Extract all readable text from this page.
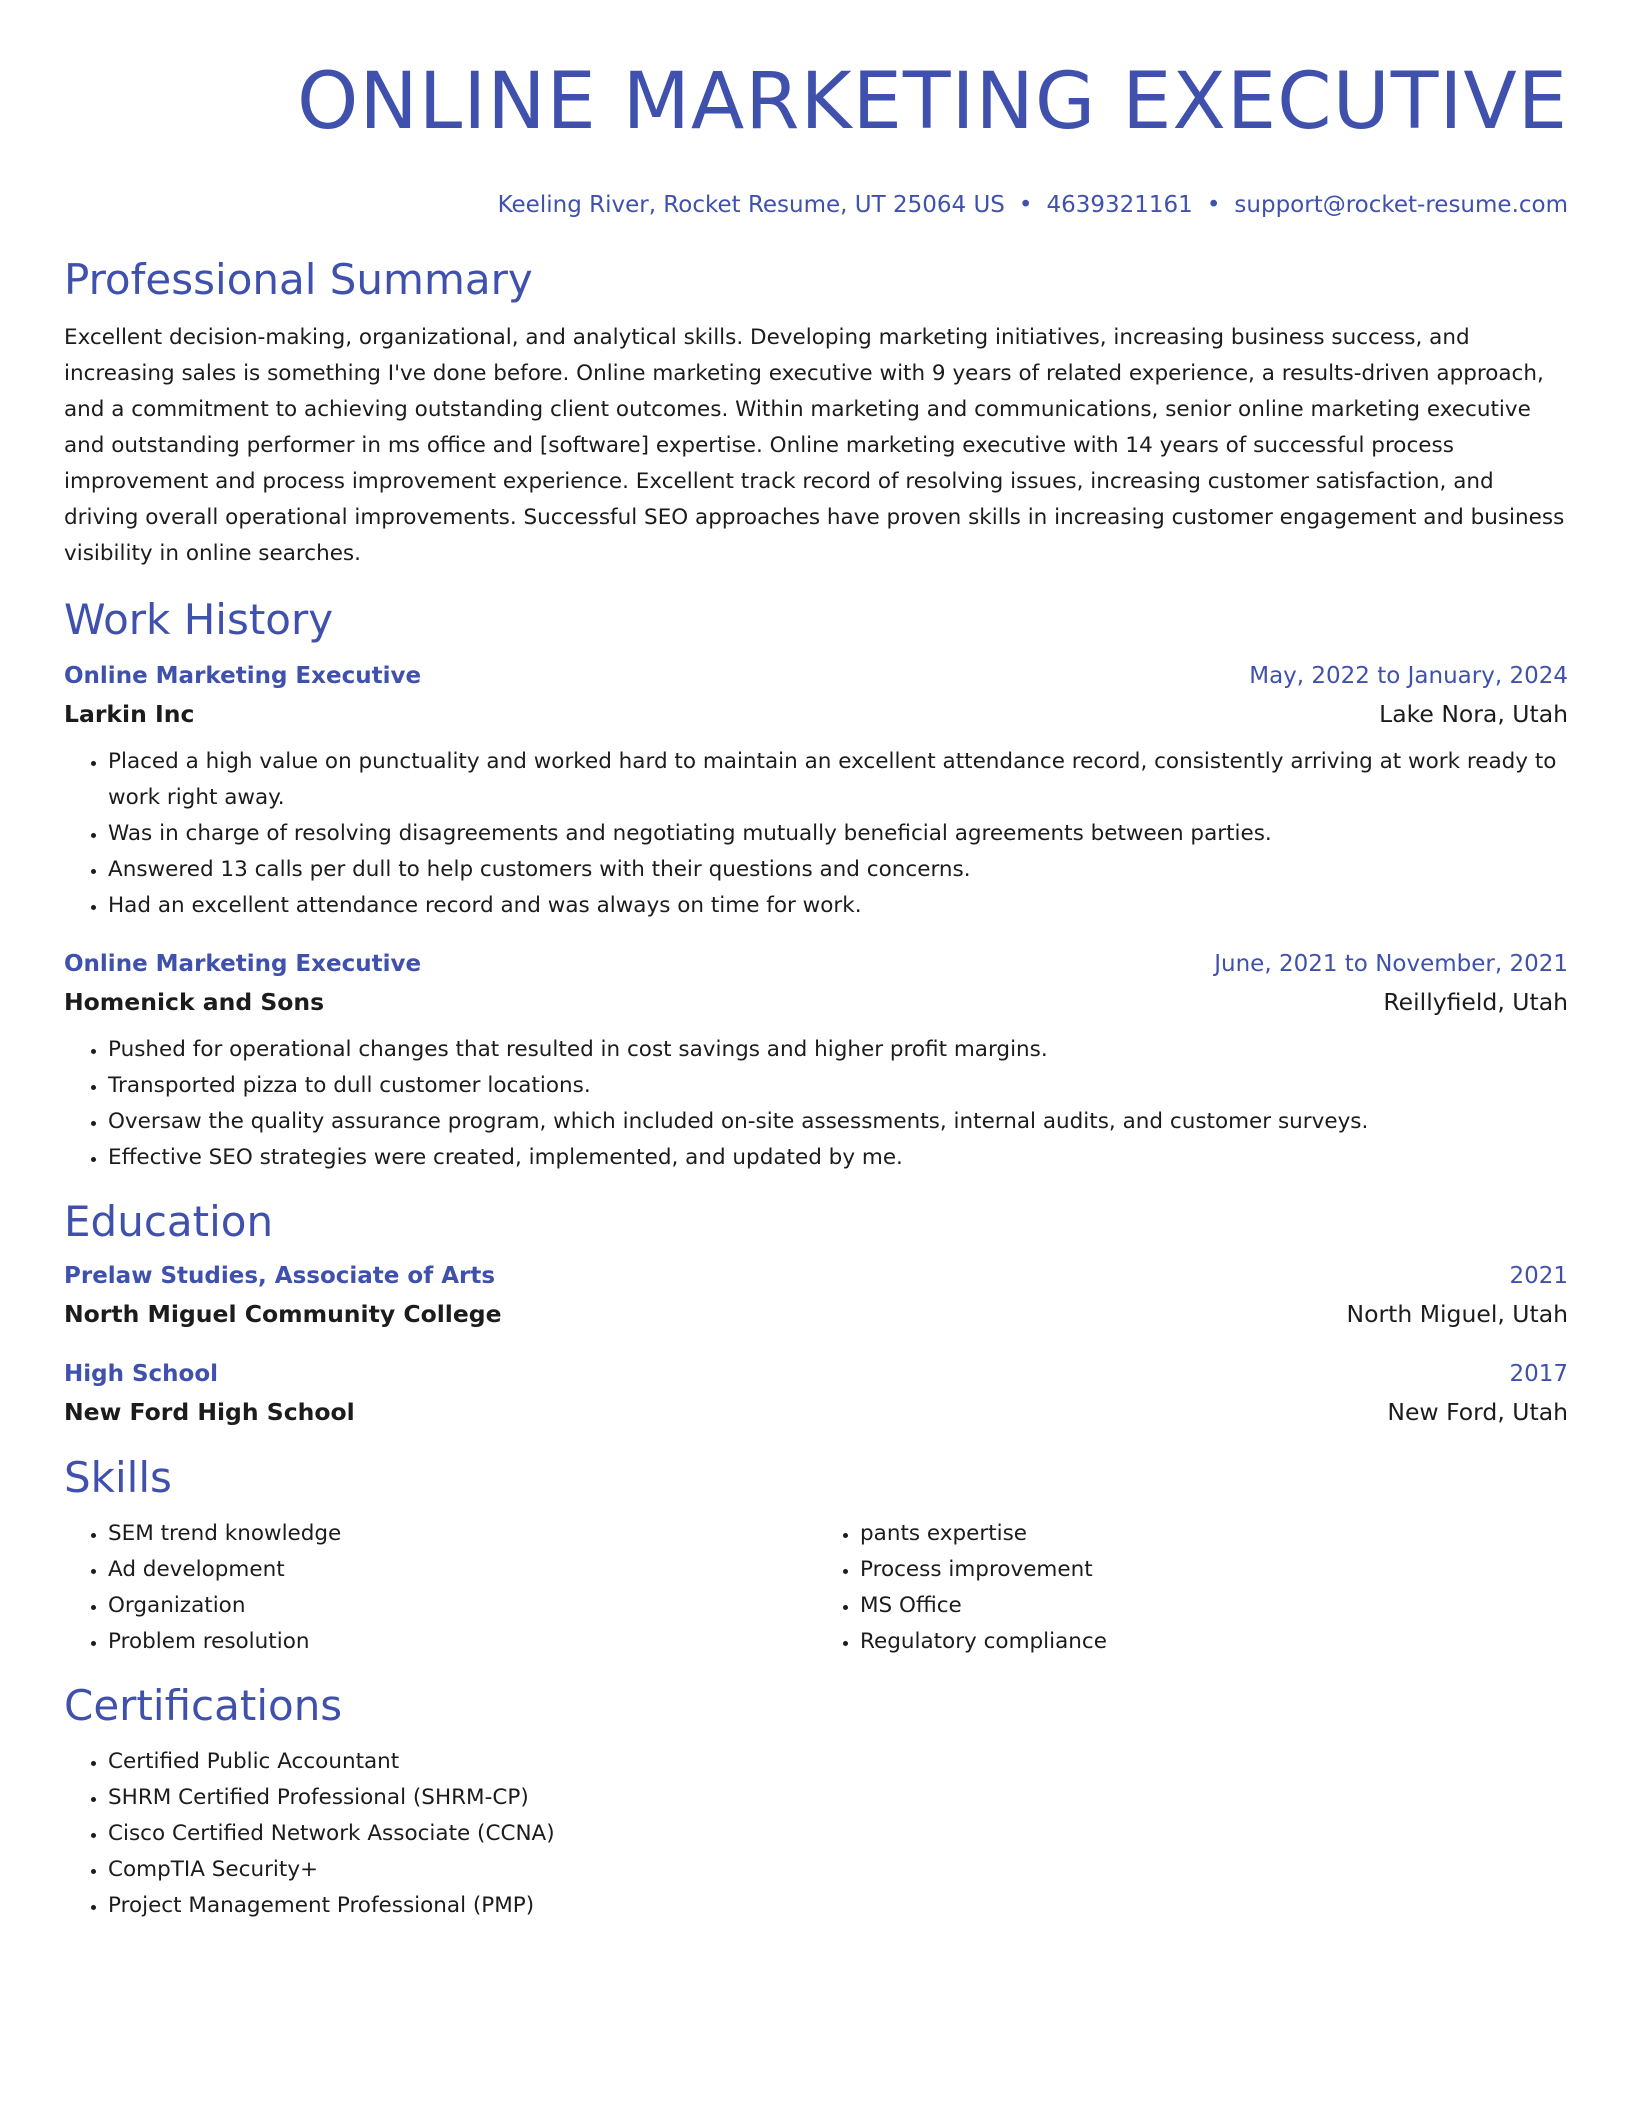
ONLINE MARKETING EXECUTIVE
Keeling River, Rocket Resume, UT 25064 US • 4639321161 • support@rocket-resume.com
Professional Summary
Excellent decision-making, organizational, and analytical skills. Developing marketing initiatives, increasing business success, and increasing sales is something I've done before. Online marketing executive with 9 years of related experience, a results-driven approach, and a commitment to achieving outstanding client outcomes. Within marketing and communications, senior online marketing executive and outstanding performer in ms office and [software] expertise. Online marketing executive with 14 years of successful process improvement and process improvement experience. Excellent track record of resolving issues, increasing customer satisfaction, and driving overall operational improvements. Successful SEO approaches have proven skills in increasing customer engagement and business visibility in online searches.
Work History
Online Marketing Executive	May, 2022 to January, 2024
Larkin Inc	Lake Nora, Utah
• Placed a high value on punctuality and worked hard to maintain an excellent attendance record, consistently arriving at work ready to work right away.
• Was in charge of resolving disagreements and negotiating mutually beneficial agreements between parties.
• Answered 13 calls per dull to help customers with their questions and concerns.
• Had an excellent attendance record and was always on time for work.
Online Marketing Executive	June, 2021 to November, 2021
Homenick and Sons	Reillyfield, Utah
• Pushed for operational changes that resulted in cost savings and higher profit margins.
• Transported pizza to dull customer locations.
• Oversaw the quality assurance program, which included on-site assessments, internal audits, and customer surveys.
• Effective SEO strategies were created, implemented, and updated by me.
Education
Prelaw Studies, Associate of Arts	2021
North Miguel Community College	North Miguel, Utah
High School	2017
New Ford High School	New Ford, Utah
Skills
• SEM trend knowledge
• Ad development
• Organization
• Problem resolution
• pants expertise
• Process improvement
• MS Office
• Regulatory compliance
Certifications
• Certified Public Accountant
• SHRM Certified Professional (SHRM-CP)
• Cisco Certified Network Associate (CCNA)
• CompTIA Security+
• Project Management Professional (PMP)
